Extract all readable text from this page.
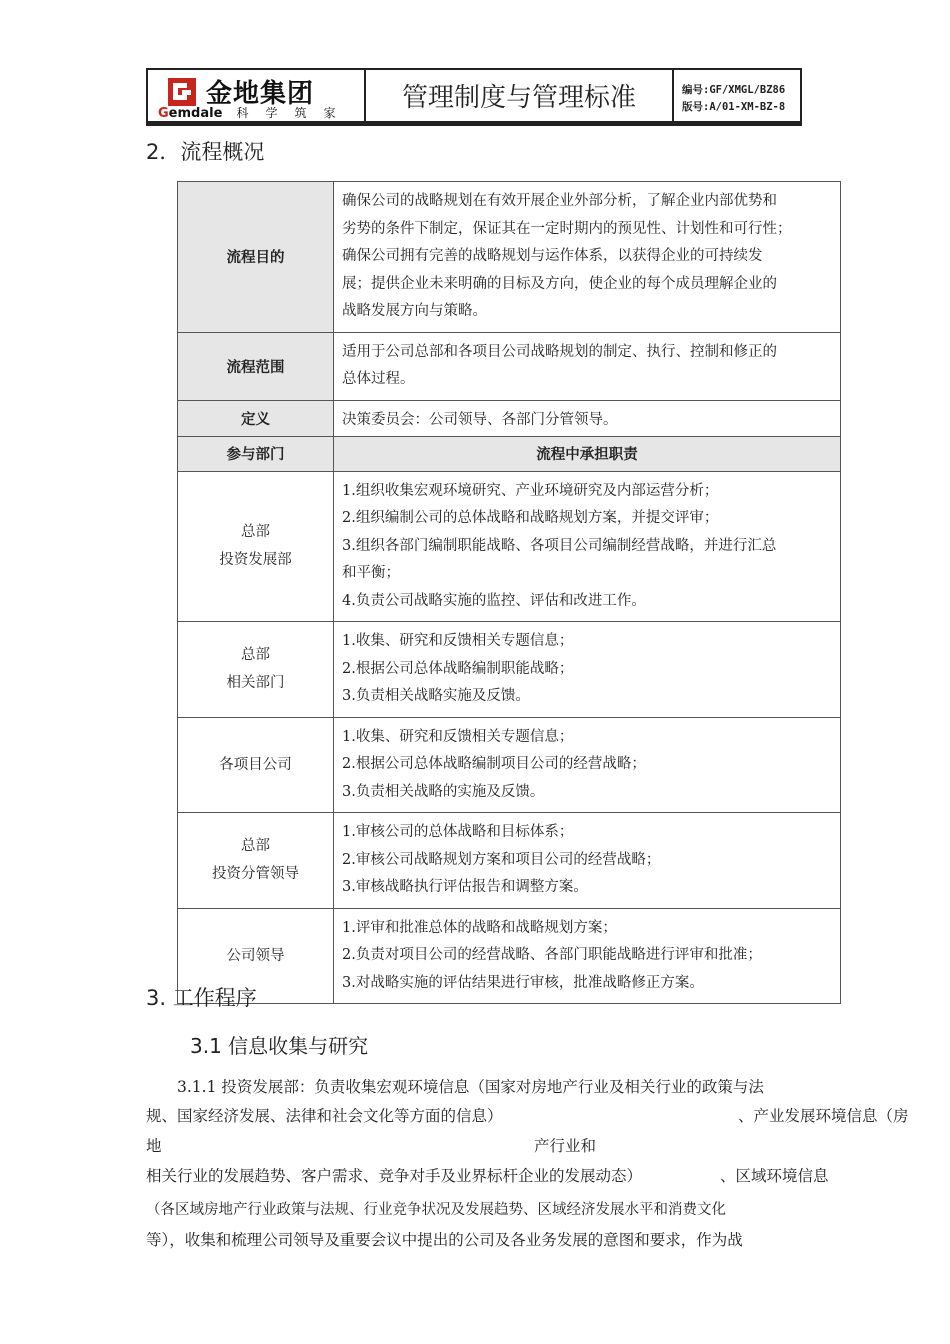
金地集团
Gemdale 科学筑家	管理制度与管理标准	编号:GF/XMGL/BZ86
版号:A/01-XM-BZ-8
2．流程概况
流程目的	确保公司的战略规划在有效开展企业外部分析，了解企业内部优势和
劣势的条件下制定，保证其在一定时期内的预见性、计划性和可行性；
确保公司拥有完善的战略规划与运作体系，以获得企业的可持续发
展；提供企业未来明确的目标及方向，使企业的每个成员理解企业的
战略发展方向与策略。

流程范围	适用于公司总部和各项目公司战略规划的制定、执行、控制和修正的
总体过程。

定义	决策委员会：公司领导、各部门分管领导。
参与部门	流程中承担职责

总部
投资发展部	1.组织收集宏观环境研究、产业环境研究及内部运营分析；
2.组织编制公司的总体战略和战略规划方案，并提交评审；
3.组织各部门编制职能战略、各项目公司编制经营战略，并进行汇总
和平衡；
4.负责公司战略实施的监控、评估和改进工作。

总部
相关部门	1.收集、研究和反馈相关专题信息；
2.根据公司总体战略编制职能战略；
3.负责相关战略实施及反馈。

各项目公司	1.收集、研究和反馈相关专题信息；
2.根据公司总体战略编制项目公司的经营战略；
3.负责相关战略的实施及反馈。

总部
投资分管领导	1.审核公司的总体战略和目标体系；
2.审核公司战略规划方案和项目公司的经营战略；
3.审核战略执行评估报告和调整方案。

公司领导	1.评审和批准总体的战略和战略规划方案；
2.负责对项目公司的经营战略、各部门职能战略进行评审和批准；
3.对战略实施的评估结果进行审核，批准战略修正方案。
3. 工作程序
3.1 信息收集与研究
3.1.1 投资发展部：负责收集宏观环境信息（国家对房地产行业及相关行业的政策与法
规、国家经济发展、法律和社会文化等方面的信息）	、产业发展环境信息（房
地	产行业和
相关行业的发展趋势、客户需求、竞争对手及业界标杆企业的发展动态）	、区域环境信息
（各区域房地产行业政策与法规、行业竞争状况及发展趋势、区域经济发展水平和消费文化
等），收集和梳理公司领导及重要会议中提出的公司及各业务发展的意图和要求，作为战
